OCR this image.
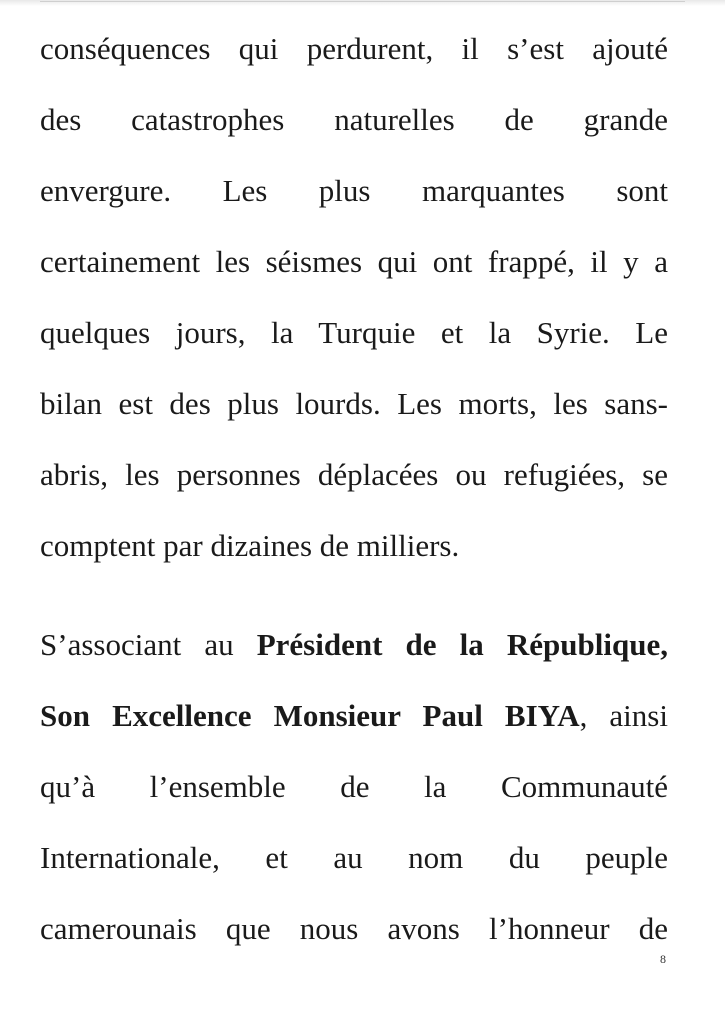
conséquences qui perdurent, il s’est ajouté
des catastrophes naturelles de grande
envergure. Les plus marquantes sont
certainement les séismes qui ont frappé, il y a
quelques jours, la Turquie et la Syrie. Le
bilan est des plus lourds. Les morts, les sans-
abris, les personnes déplacées ou refugiées, se
comptent par dizaines de milliers.
S’associant au Président de la République,
Son Excellence Monsieur Paul BIYA, ainsi
qu’à l’ensemble de la Communauté
Internationale, et au nom du peuple
camerounais que nous avons l’honneur de
8
